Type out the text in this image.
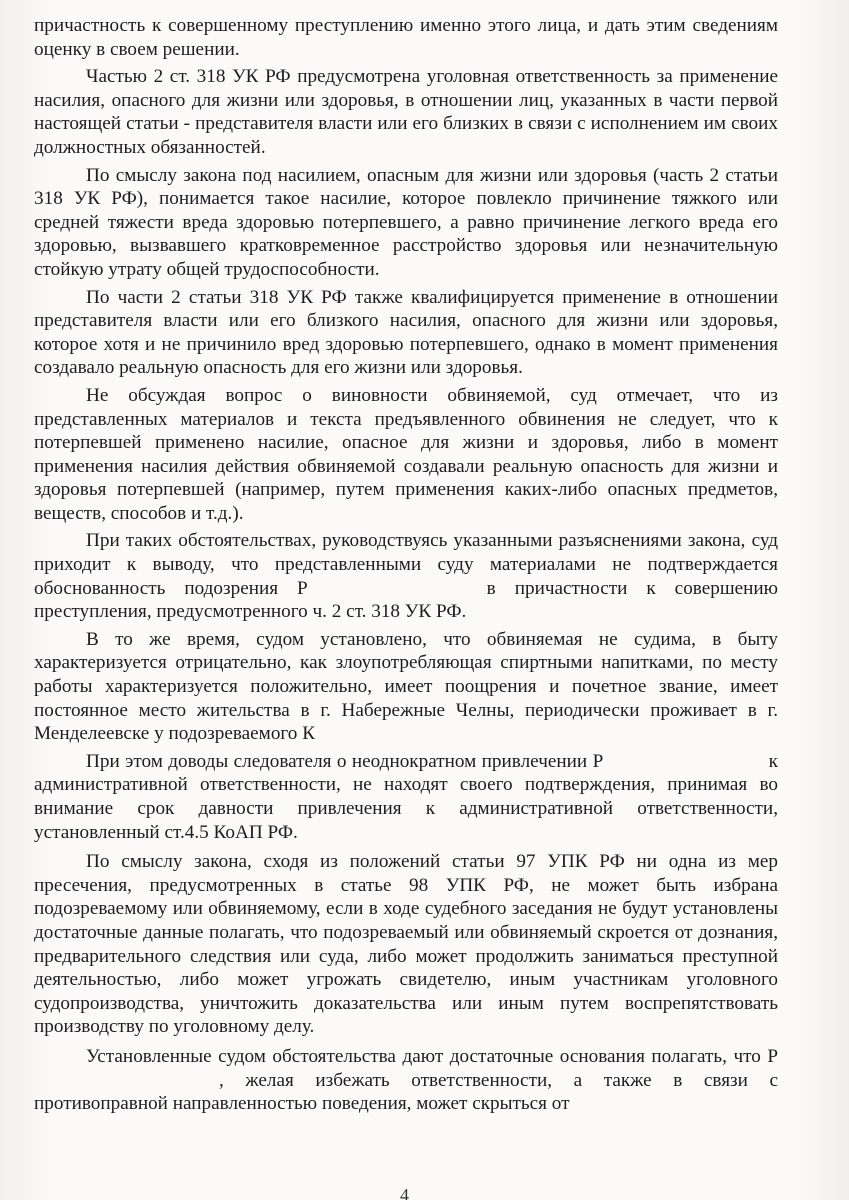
причастность к совершенному преступлению именно этого лица, и дать этим сведениям оценку в своем решении.

Частью 2 ст. 318 УК РФ предусмотрена уголовная ответственность за применение насилия, опасного для жизни или здоровья, в отношении лиц, указанных в части первой настоящей статьи - представителя власти или его близких в связи с исполнением им своих должностных обязанностей.

По смыслу закона под насилием, опасным для жизни или здоровья (часть 2 статьи 318 УК РФ), понимается такое насилие, которое повлекло причинение тяжкого или средней тяжести вреда здоровью потерпевшего, а равно причинение легкого вреда его здоровью, вызвавшего кратковременное расстройство здоровья или незначительную стойкую утрату общей трудоспособности.

По части 2 статьи 318 УК РФ также квалифицируется применение в отношении представителя власти или его близкого насилия, опасного для жизни или здоровья, которое хотя и не причинило вред здоровью потерпевшего, однако в момент применения создавало реальную опасность для его жизни или здоровья.

Не обсуждая вопрос о виновности обвиняемой, суд отмечает, что из представленных материалов и текста предъявленного обвинения не следует, что к потерпевшей применено насилие, опасное для жизни и здоровья, либо в момент применения насилия действия обвиняемой создавали реальную опасность для жизни и здоровья потерпевшей (например, путем применения каких-либо опасных предметов, веществ, способов и т.д.).

При таких обстоятельствах, руководствуясь указанными разъяснениями закона, суд приходит к выводу, что представленными суду материалами не подтверждается обоснованность подозрения Р	в причастности к совершению преступления, предусмотренного ч. 2 ст. 318 УК РФ.

В то же время, судом установлено, что обвиняемая не судима, в быту характеризуется отрицательно, как злоупотребляющая спиртными напитками, по месту работы характеризуется положительно, имеет поощрения и почетное звание, имеет постоянное место жительства в г. Набережные Челны, периодически проживает в г. Менделеевске у подозреваемого К

При этом доводы следователя о неоднократном привлечении Р	к административной ответственности, не находят своего подтверждения, принимая во внимание срок давности привлечения к административной ответственности, установленный ст.4.5 КоАП РФ.

По смыслу закона, сходя из положений статьи 97 УПК РФ ни одна из мер пресечения, предусмотренных в статье 98 УПК РФ, не может быть избрана подозреваемому или обвиняемому, если в ходе судебного заседания не будут установлены достаточные данные полагать, что подозреваемый или обвиняемый скроется от дознания, предварительного следствия или суда, либо может продолжить заниматься преступной деятельностью, либо может угрожать свидетелю, иным участникам уголовного судопроизводства, уничтожить доказательства или иным путем воспрепятствовать производству по уголовному делу.

Установленные судом обстоятельства дают достаточные основания полагать, что Р, желая избежать ответственности, а также в связи с противоправной направленностью поведения, может скрыться от

4
